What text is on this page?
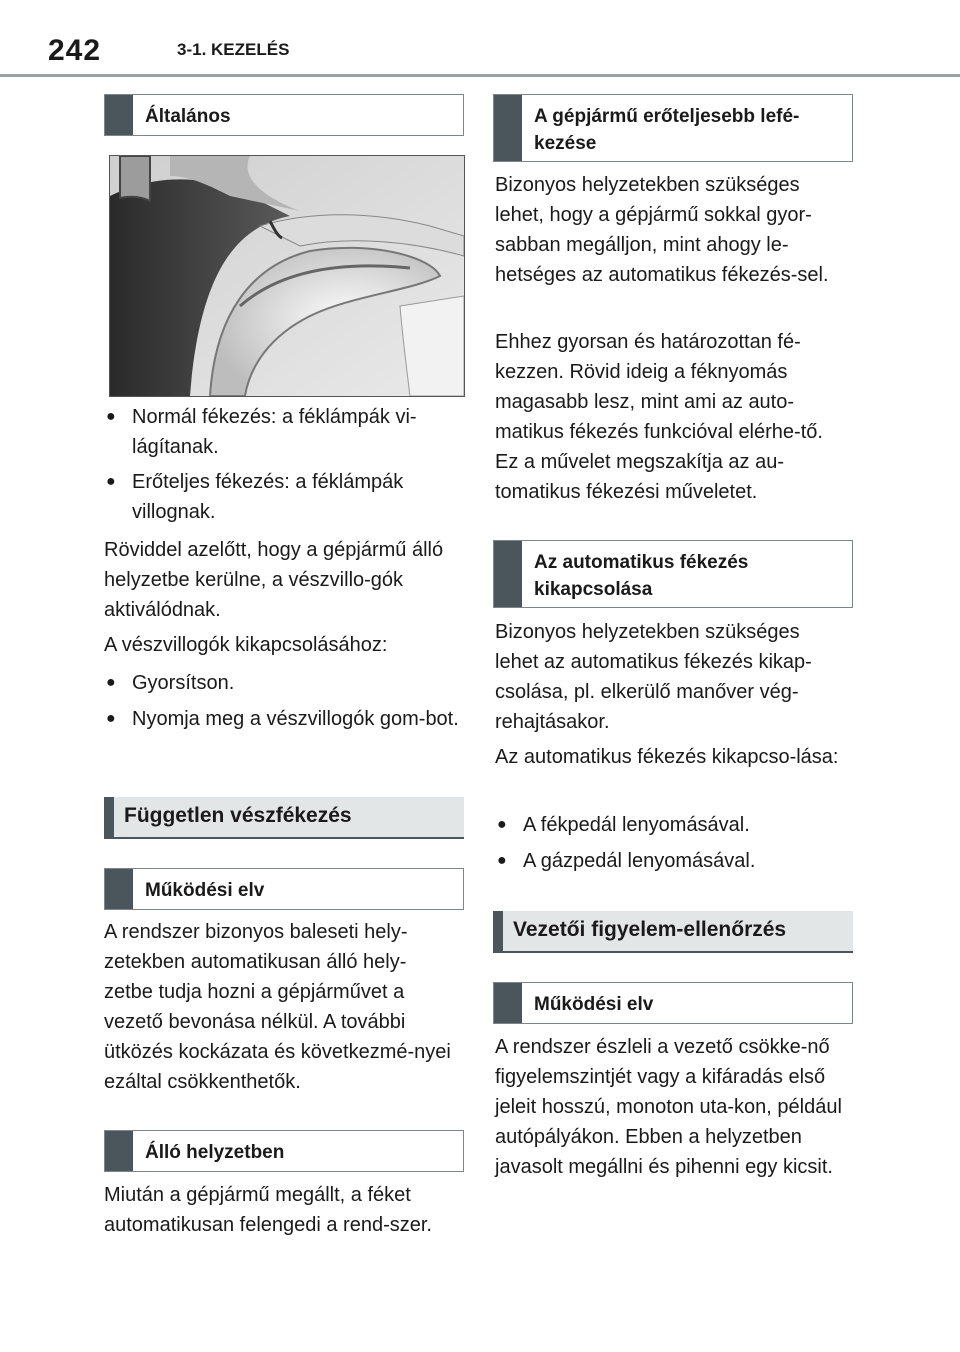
242	3-1. KEZELÉS
Általános

● Normál fékezés: a féklámpák vi-lágítanak.

● Erőteljes fékezés: a féklámpák villognak.

Röviddel azelőtt, hogy a gépjármű álló helyzetbe kerülne, a vészvillo-gók aktiválódnak.

A vészvillogók kikapcsolásához:

● Gyorsítson.

● Nyomja meg a vészvillogók gom-bot.

Független vészfékezés
Működési elv

A rendszer bizonyos baleseti hely-zetekben automatikusan álló hely-zetbe tudja hozni a gépjárművet a vezető bevonása nélkül. A további ütközés kockázata és következmé-nyei ezáltal csökkenthetők.

Álló helyzetben

Miután a gépjármű megállt, a féket automatikusan felengedi a rend-szer.

A gépjármű erőteljesebb lefé-kezése

Bizonyos helyzetekben szükséges lehet, hogy a gépjármű sokkal gyor-sabban megálljon, mint ahogy le-hetséges az automatikus fékezés-sel.

Ehhez gyorsan és határozottan fé-kezzen. Rövid ideig a féknyomás magasabb lesz, mint ami az auto-matikus fékezés funkcióval elérhe-tő. Ez a művelet megszakítja az au-tomatikus fékezési műveletet.

Az automatikus fékezés kikapcsolása

Bizonyos helyzetekben szükséges lehet az automatikus fékezés kikap-csolása, pl. elkerülő manőver vég-rehajtásakor.

Az automatikus fékezés kikapcso-lása:

● A fékpedál lenyomásával.

● A gázpedál lenyomásával.

Vezetői figyelem-ellenőrzés
Működési elv

A rendszer észleli a vezető csökke-nő figyelemszintjét vagy a kifáradás első jeleit hosszú, monoton uta-kon, például autópályákon. Ebben a helyzetben javasolt megállni és pihenni egy kicsit.
